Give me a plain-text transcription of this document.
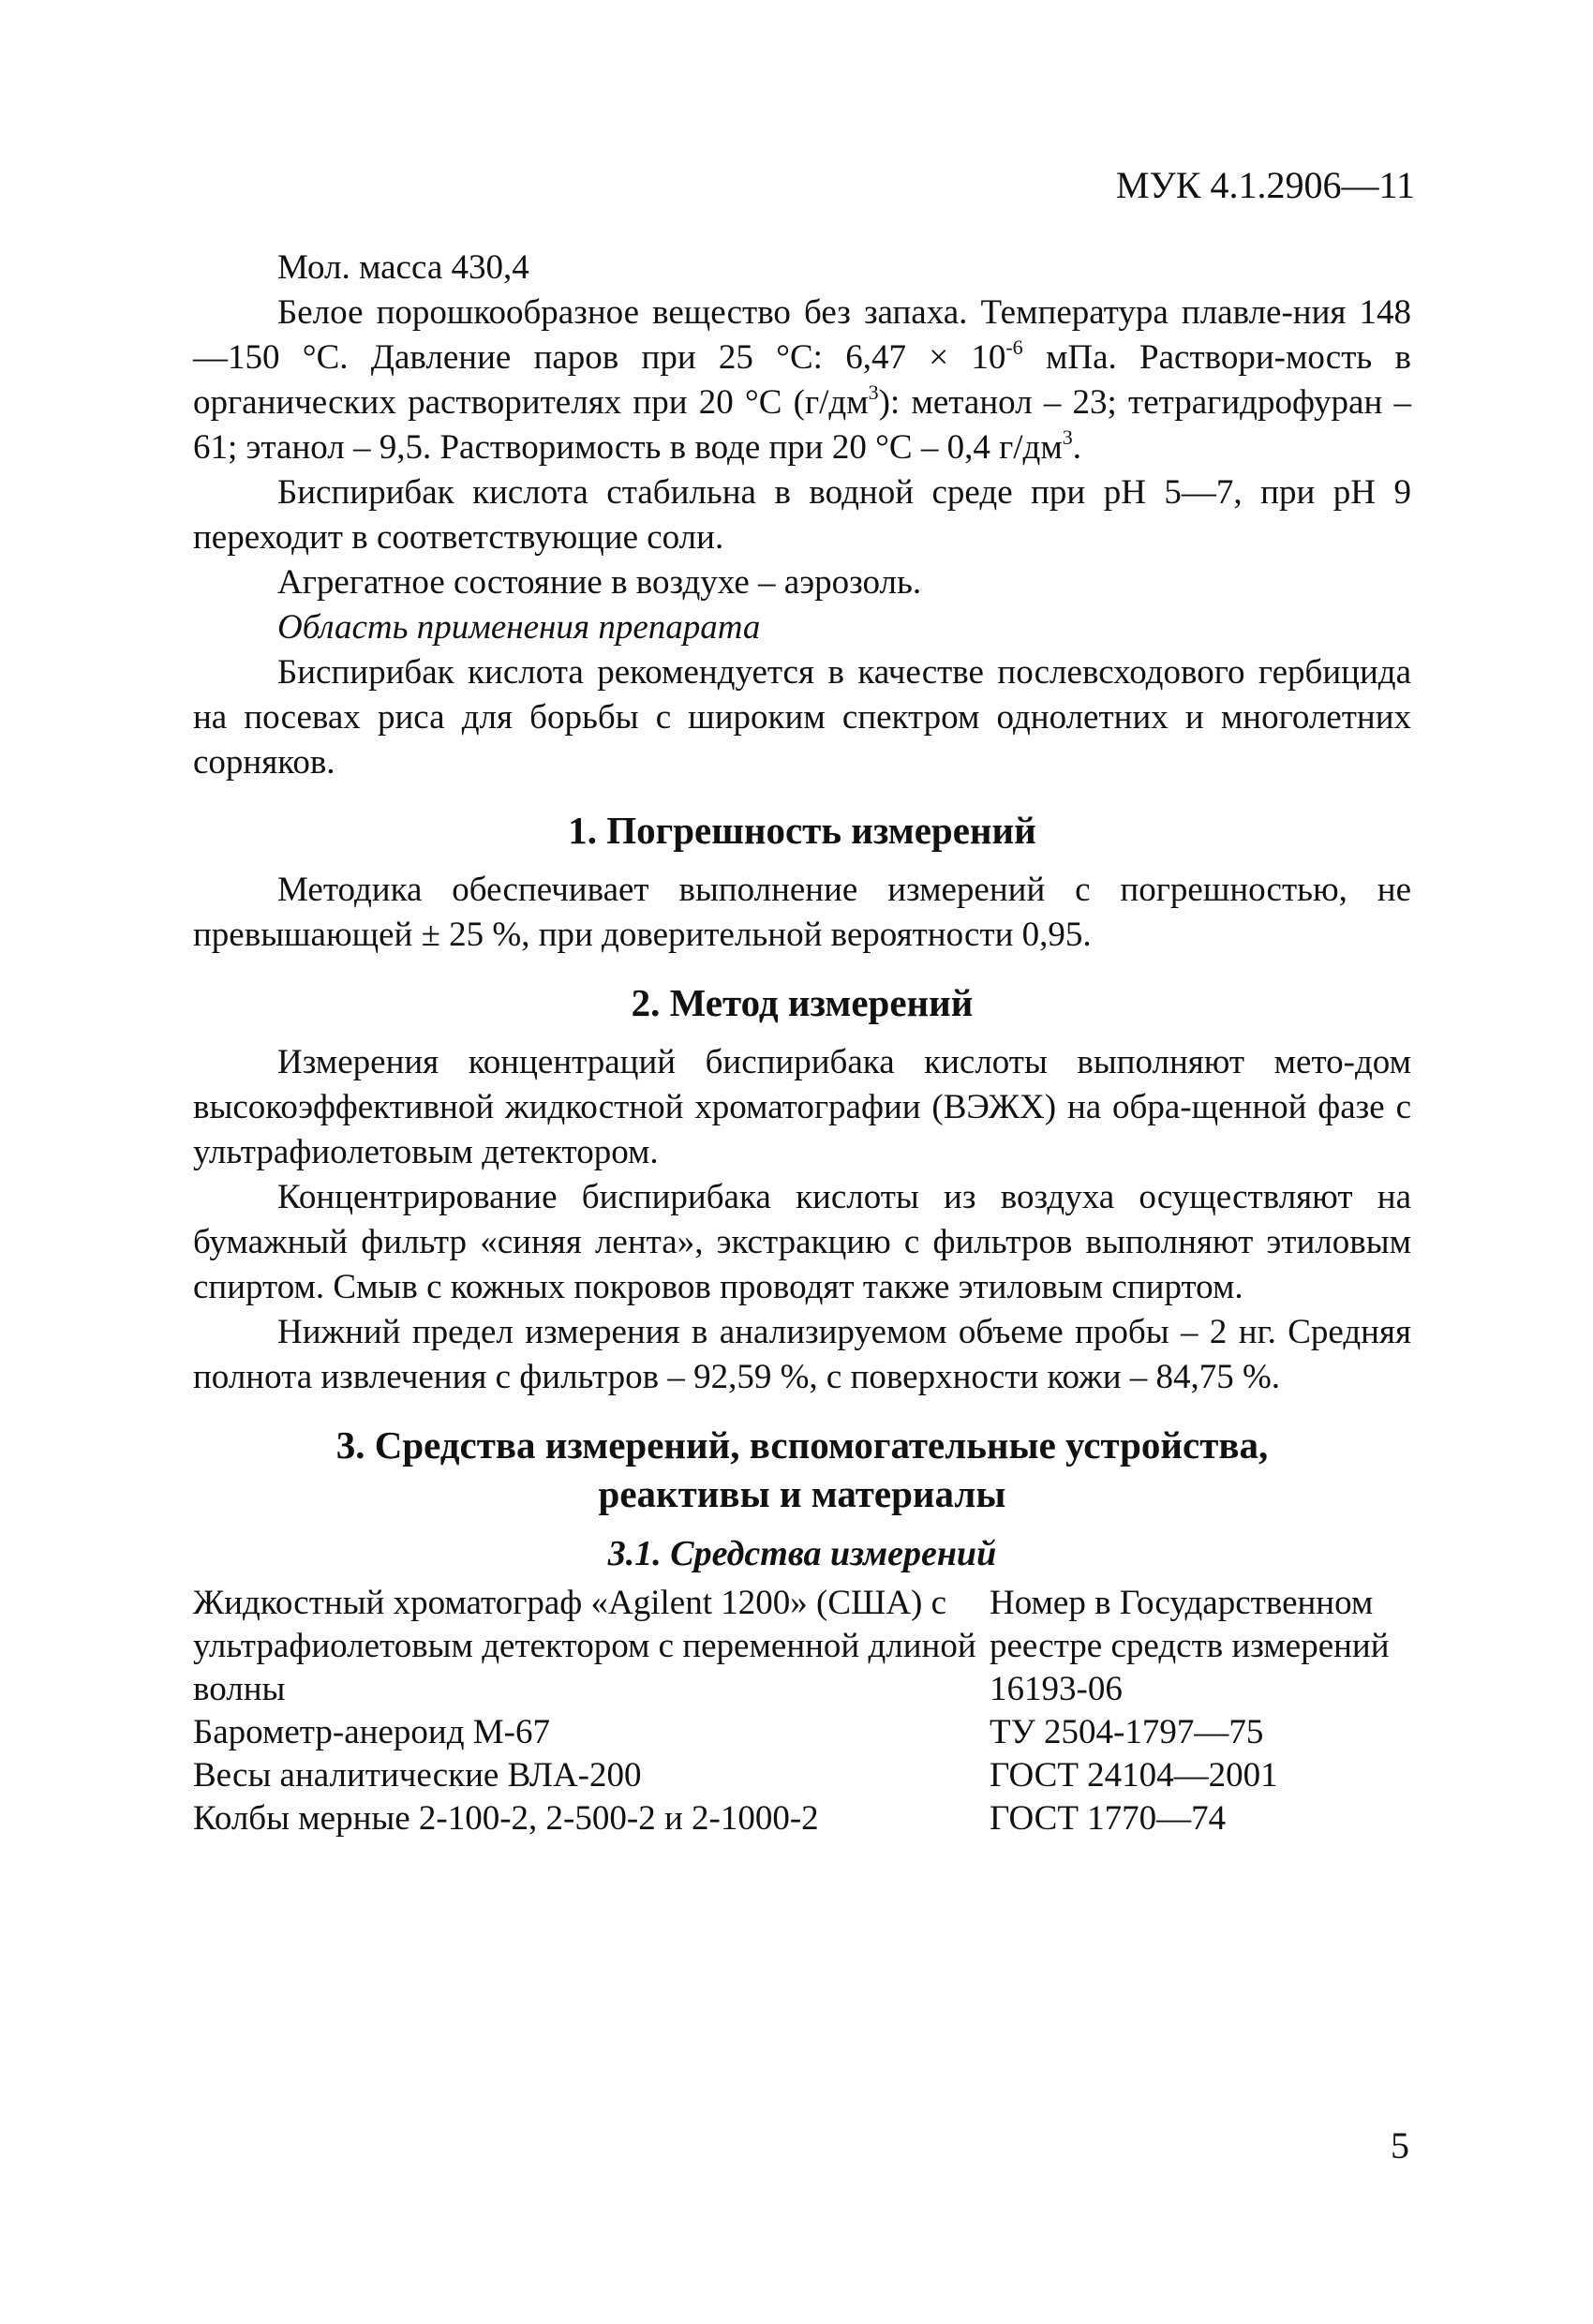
МУК 4.1.2906—11

Мол. масса 430,4

Белое порошкообразное вещество без запаха. Температура плавле-ния 148—150 °С. Давление паров при 25 °С: $6,47 \times 10^{-6}$ мПа. Раствори-мость в органических растворителях при 20 °С $(г/дм^3)$: метанол – 23; тетрагидрофуран – 61; этанол – 9,5. Растворимость в воде при 20 °С – 0,4 $г/дм^3$.

Биспирибак кислота стабильна в водной среде при рН 5—7, при рН 9 переходит в соответствующие соли.

Агрегатное состояние в воздухе – аэрозоль.

Область применения препарата

Биспирибак кислота рекомендуется в качестве послевсходового гербицида на посевах риса для борьбы с широким спектром однолетних и многолетних сорняков.

1. Погрешность измерений

Методика обеспечивает выполнение измерений с погрешностью, не превышающей ± 25 %, при доверительной вероятности 0,95.

2. Метод измерений

Измерения концентраций биспирибака кислоты выполняют мето-дом высокоэффективной жидкостной хроматографии (ВЭЖХ) на обра-щенной фазе с ультрафиолетовым детектором.

Концентрирование биспирибака кислоты из воздуха осуществляют на бумажный фильтр «синяя лента», экстракцию с фильтров выполняют этиловым спиртом. Смыв с кожных покровов проводят также этиловым спиртом.

Нижний предел измерения в анализируемом объеме пробы – 2 нг. Средняя полнота извлечения с фильтров – 92,59 %, с поверхности кожи – 84,75 %.

3. Средства измерений, вспомогательные устройства,
реактивы и материалы
3.1. Средства измерений
Жидкостный хроматограф «Agilent 1200» (США) с ультрафиолетовым детектором с переменной длиной волны	Номер в Государственном реестре средств измерений 16193-06
Барометр-анероид М-67	ТУ 2504-1797—75
Весы аналитические ВЛА-200	ГОСТ 24104—2001
Колбы мерные 2-100-2, 2-500-2 и 2-1000-2	ГОСТ 1770—74
5
